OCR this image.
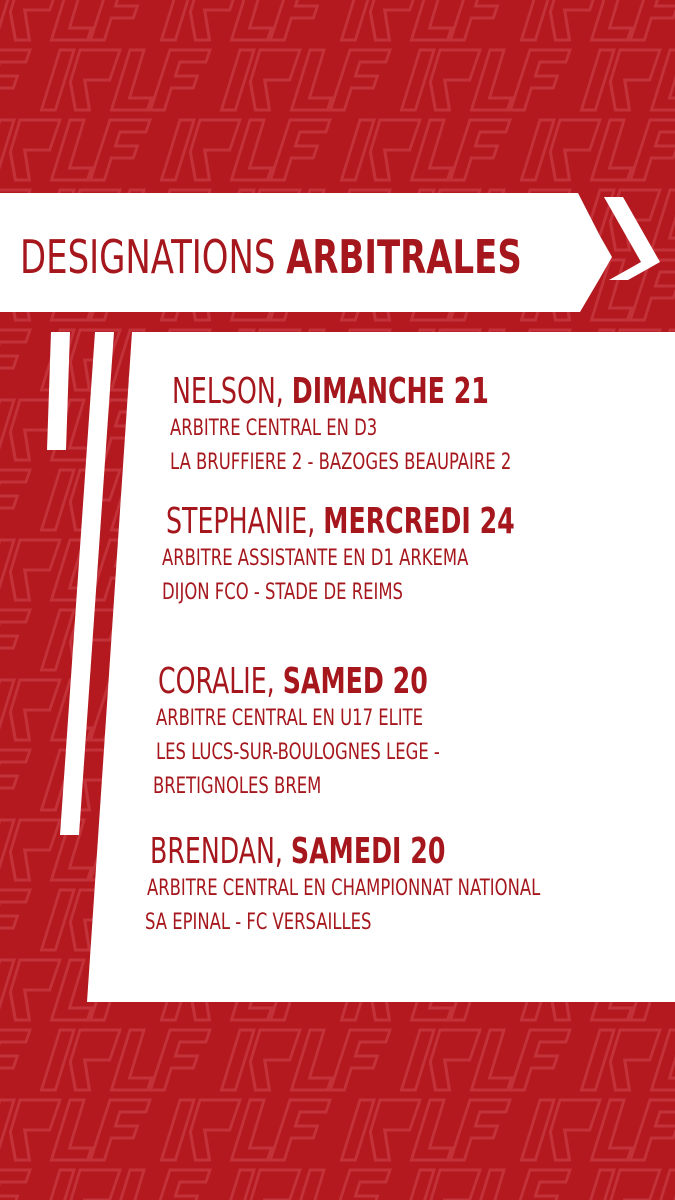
DESIGNATIONS ARBITRALES
NELSON, DIMANCHE 21
ARBITRE CENTRAL EN D3
LA BRUFFIERE 2 - BAZOGES BEAUPAIRE 2
STEPHANIE, MERCREDI 24
ARBITRE ASSISTANTE EN D1 ARKEMA
DIJON FCO - STADE DE REIMS
CORALIE, SAMED 20
ARBITRE CENTRAL EN U17 ELITE
LES LUCS-SUR-BOULOGNES LEGE -
BRETIGNOLES BREM
BRENDAN, SAMEDI 20
ARBITRE CENTRAL EN CHAMPIONNAT NATIONAL
SA EPINAL - FC VERSAILLES
